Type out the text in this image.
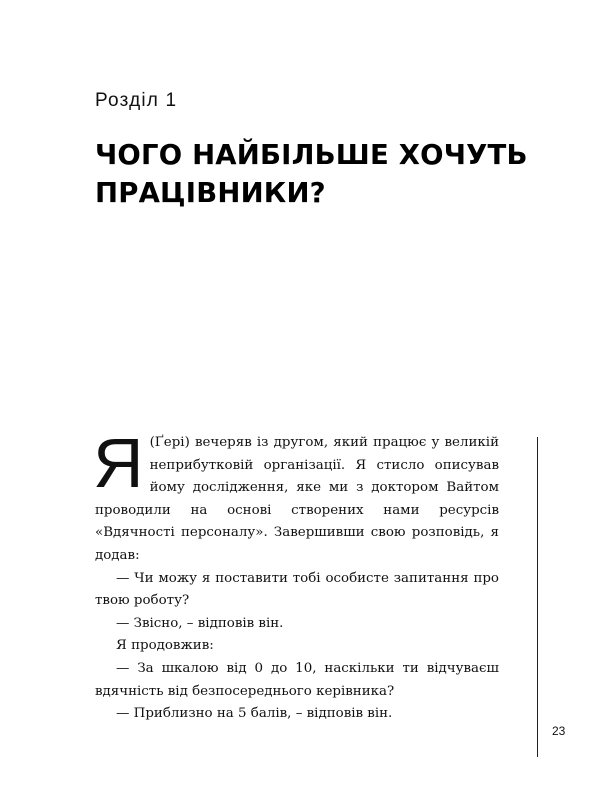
Розділ 1
ЧОГО НАЙБІЛЬШЕ ХОЧУТЬ
ПРАЦІВНИКИ?

Я (Ґері) вечеряв із другом, який працює у великій неприбутковій організації. Я стисло описував йому дослідження, яке ми з доктором Вайтом проводили на основі створених нами ресурсів «Вдячності персоналу». Завершивши свою розповідь, я додав:

— Чи можу я поставити тобі особисте запитання про твою роботу?

— Звісно, – відповів він.

Я продовжив:

— За шкалою від 0 до 10, наскільки ти відчуваєш вдячність від безпосереднього керівника?

— Приблизно на 5 балів, – відповів він.

23
